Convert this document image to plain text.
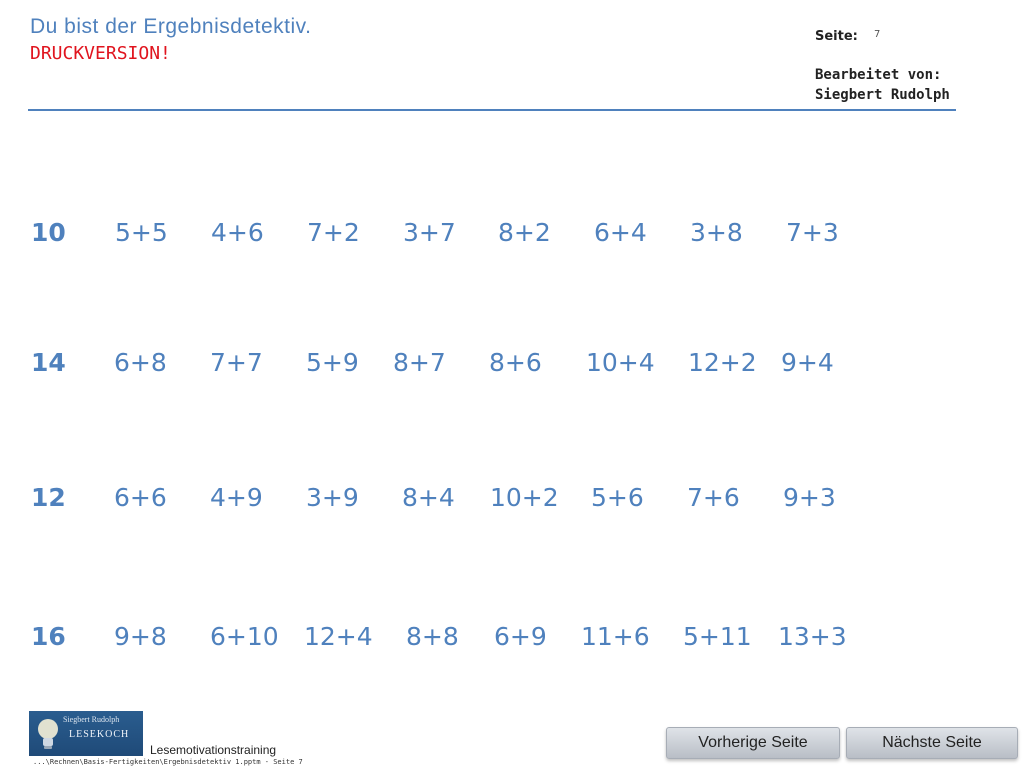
Du bist der Ergebnisdetektiv.
DRUCKVERSION!
Seite: 7
Bearbeitet von:
Siegbert Rudolph
10 5+5 4+6 7+2 3+7 8+2 6+4 3+8 7+3
14 6+8 7+7 5+9 8+7 8+6 10+4 12+2 9+4
12 6+6 4+9 3+9 8+4 10+2 5+6 7+6 9+3
16 9+8 6+10 12+4 8+8 6+9 11+6 5+11 13+3
Siegbert Rudolph
LESEKOCH
Lesemotivationstraining
...\Rechnen\Basis-Fertigkeiten\Ergebnisdetektiv 1.pptm - Seite 7
Vorherige Seite	Nächste Seite
